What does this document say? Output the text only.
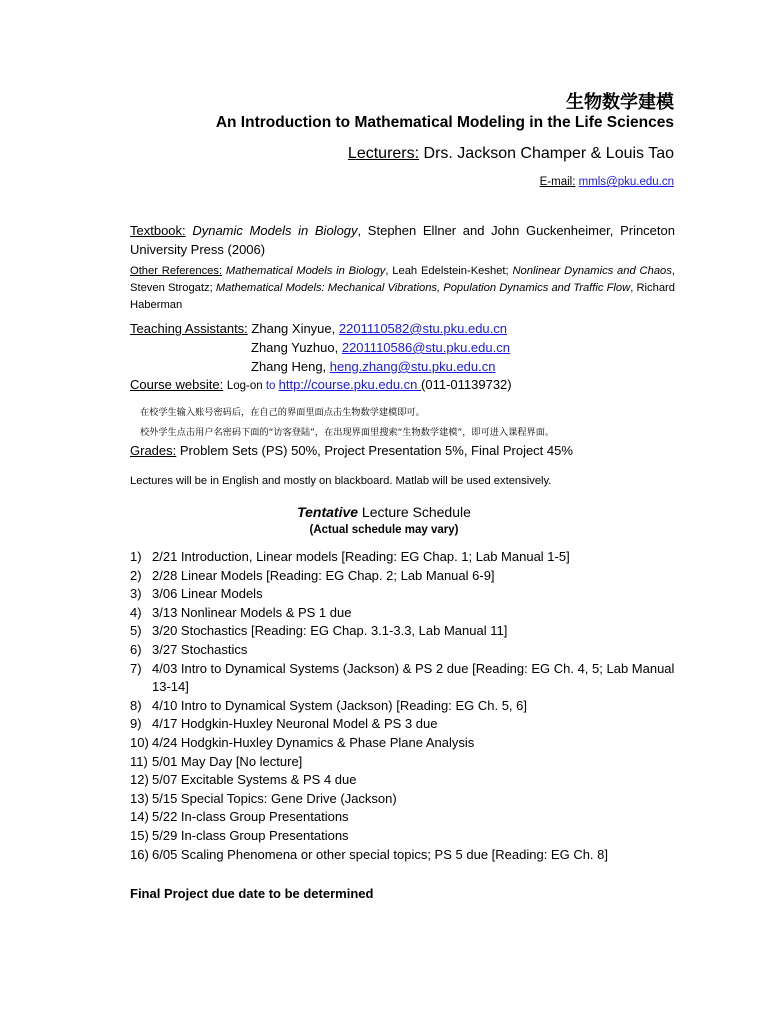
生物数学建模
An Introduction to Mathematical Modeling in the Life Sciences
Lecturers: Drs. Jackson Champer & Louis Tao
E-mail: mmls@pku.edu.cn
Textbook: Dynamic Models in Biology, Stephen Ellner and John Guckenheimer, Princeton University Press (2006)
Other References: Mathematical Models in Biology, Leah Edelstein-Keshet; Nonlinear Dynamics and Chaos, Steven Strogatz; Mathematical Models: Mechanical Vibrations, Population Dynamics and Traffic Flow, Richard Haberman
Teaching Assistants: Zhang Xinyue, 2201110582@stu.pku.edu.cn
Zhang Yuzhuo, 2201110586@stu.pku.edu.cn
Zhang Heng, heng.zhang@stu.pku.edu.cn
Course website: Log-on to http://course.pku.edu.cn (011-01139732)
在校学生输入账号密码后，在自己的界面里面点击生物数学建模即可。
校外学生点击用户名密码下面的“访客登陆”，在出现界面里搜索“生物数学建模”，即可进入课程界面。
Grades: Problem Sets (PS) 50%, Project Presentation 5%, Final Project 45%
Lectures will be in English and mostly on blackboard. Matlab will be used extensively.
Tentative Lecture Schedule
(Actual schedule may vary)
1) 2/21 Introduction, Linear models [Reading: EG Chap. 1; Lab Manual 1-5]
2) 2/28 Linear Models [Reading: EG Chap. 2; Lab Manual 6-9]
3) 3/06 Linear Models
4) 3/13 Nonlinear Models & PS 1 due
5) 3/20 Stochastics [Reading: EG Chap. 3.1-3.3, Lab Manual 11]
6) 3/27 Stochastics
7) 4/03 Intro to Dynamical Systems (Jackson) & PS 2 due [Reading: EG Ch. 4, 5; Lab Manual 13-14]
8) 4/10 Intro to Dynamical System (Jackson) [Reading: EG Ch. 5, 6]
9) 4/17 Hodgkin-Huxley Neuronal Model & PS 3 due
10) 4/24 Hodgkin-Huxley Dynamics & Phase Plane Analysis
11) 5/01 May Day [No lecture]
12) 5/07 Excitable Systems & PS 4 due
13) 5/15 Special Topics: Gene Drive (Jackson)
14) 5/22 In-class Group Presentations
15) 5/29 In-class Group Presentations
16) 6/05 Scaling Phenomena or other special topics; PS 5 due [Reading: EG Ch. 8]
Final Project due date to be determined
